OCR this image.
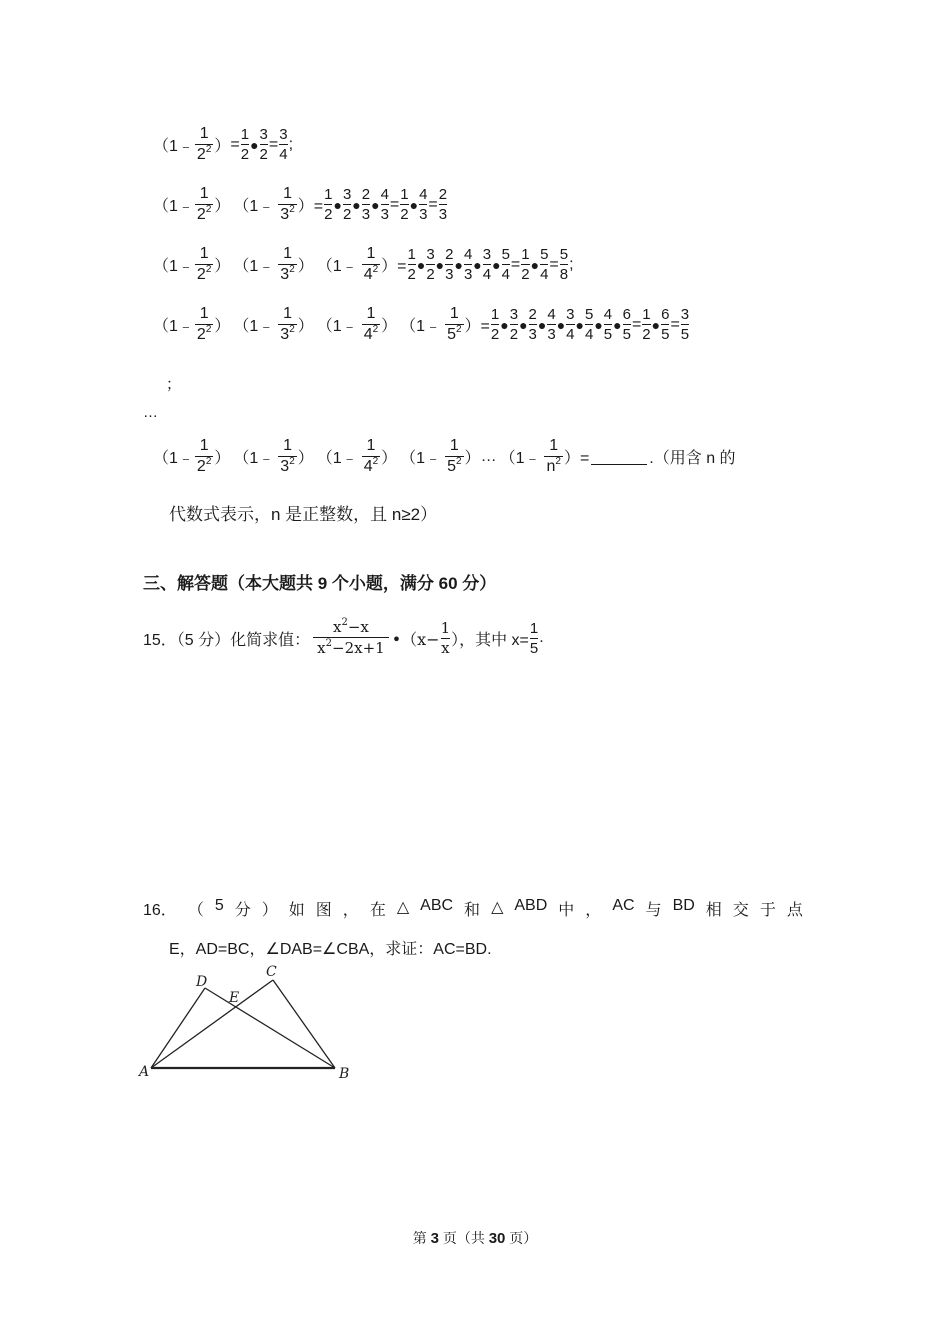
（1﹣
1
$2^2$ ） = $\frac{1}{2}$ ●
3
2
=
3
4
;
（1﹣
1
$2^2$ ） （1﹣
1
$3^2$ ）= $\frac{1}{2}$ ●
3
2
●
2
3
●
4
3
=
1
2
●
4
3
=
2
3
（1﹣
1
$2^2$ ） （1﹣
1
$3^2$ ） （1﹣
1
$4^2$ ）= $\frac{1}{2}$ ●
3
2
●
2
3
●
4
3
●
3
4
●
5
4
=
1
2
●
5
4
=
5
8
;
（1﹣
1
$2^2$ ） （1﹣
1
$3^2$ ） （1﹣
1
$4^2$ ） （1﹣
1
$5^2$ ）= $\frac{1}{2}$ ●
3
2
●
2
3
●
4
3
●
3
4
●
5
4
●
4
5
●
6
5
=
1
2
●
6
5
=
3
5
；
…
（1﹣
1
$2^2$ ） （1﹣
1
$3^2$ ） （1﹣
1
$4^2$ ） （1﹣
1
$5^2$ ） … （1﹣
1
$n^2$ ）=	.（用含 n 的
代数式表示，n 是正整数，且 n≥2）
三、解答题（本大题共 9 个小题，满分 60 分）
15．（5 分）化简求值：
$x^2-x$
$x^2-2x+1$ •（x− $\frac{1}{x}$ ），其中 $x= \frac{1}{5}$ .
16． （ 5 分 ） 如 图 ， 在 △ ABC 和 △ ABD 中 ， AC 与 BD 相 交 于 点
E，AD=BC，∠DAB=∠CBA，求证：AC=BD.
A	B
C
D
E
第 3 页（共 30 页）
